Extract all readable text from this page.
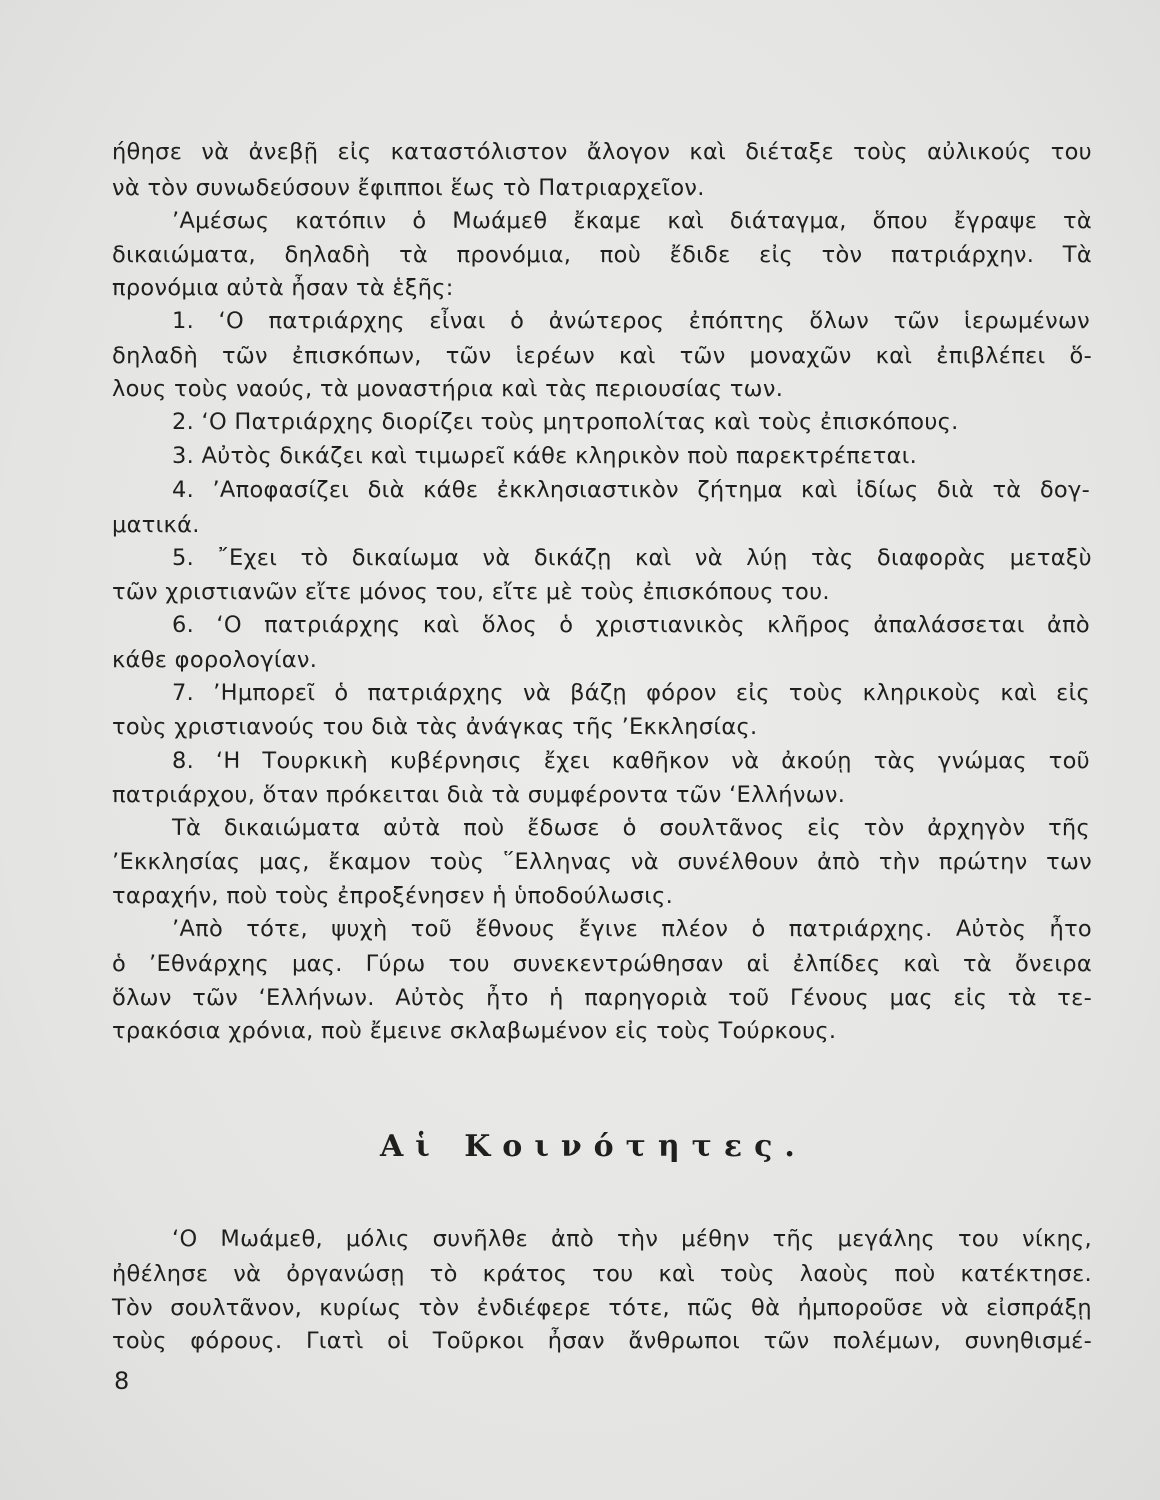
ήθησε νὰ ἀνεβῇ εἰς καταστόλιστον ἄλογον καὶ διέταξε τοὺς αὐλικούς του
νὰ τὸν συνωδεύσουν ἔφιπποι ἕως τὸ Πατριαρχεῖον.
’Αμέσως κατόπιν ὁ Μωάμεθ ἔκαμε καὶ διάταγμα, ὅπου ἔγραψε τὰ
δικαιώματα, δηλαδὴ τὰ προνόμια, ποὺ ἔδιδε εἰς τὸν πατριάρχην. Τὰ
προνόμια αὐτὰ ἦσαν τὰ ἑξῆς:
1. ‘Ο πατριάρχης εἶναι ὁ ἀνώτερος ἐπόπτης ὅλων τῶν ἱερωμένων
δηλαδὴ τῶν ἐπισκόπων, τῶν ἱερέων καὶ τῶν μοναχῶν καὶ ἐπιβλέπει ὅ-
λους τοὺς ναούς, τὰ μοναστήρια καὶ τὰς περιουσίας των.
2. ‘Ο Πατριάρχης διορίζει τοὺς μητροπολίτας καὶ τοὺς ἐπισκόπους.
3. Αὐτὸς δικάζει καὶ τιμωρεῖ κάθε κληρικὸν ποὺ παρεκτρέπεται.
4. ’Αποφασίζει διὰ κάθε ἐκκλησιαστικὸν ζήτημα καὶ ἰδίως διὰ τὰ δογ-
ματικά.
5. ῎Εχει τὸ δικαίωμα νὰ δικάζῃ καὶ νὰ λύῃ τὰς διαφορὰς μεταξὺ
τῶν χριστιανῶν εἴτε μόνος του, εἴτε μὲ τοὺς ἐπισκόπους του.
6. ‘Ο πατριάρχης καὶ ὅλος ὁ χριστιανικὸς κλῆρος ἀπαλάσσεται ἀπὸ
κάθε φορολογίαν.
7. ’Ημπορεῖ ὁ πατριάρχης νὰ βάζῃ φόρον εἰς τοὺς κληρικοὺς καὶ εἰς
τοὺς χριστιανούς του διὰ τὰς ἀνάγκας τῆς ’Εκκλησίας.
8. ‘Η Τουρκικὴ κυβέρνησις ἔχει καθῆκον νὰ ἀκούῃ τὰς γνώμας τοῦ
πατριάρχου, ὅταν πρόκειται διὰ τὰ συμφέροντα τῶν ‘Ελλήνων.
Τὰ δικαιώματα αὐτὰ ποὺ ἔδωσε ὁ σουλτᾶνος εἰς τὸν ἀρχηγὸν τῆς
’Εκκλησίας μας, ἔκαμον τοὺς ῞Ελληνας νὰ συνέλθουν ἀπὸ τὴν πρώτην των
ταραχήν, ποὺ τοὺς ἐπροξένησεν ἡ ὑποδούλωσις.
’Απὸ τότε, ψυχὴ τοῦ ἔθνους ἔγινε πλέον ὁ πατριάρχης. Αὐτὸς ἦτο
ὁ ’Εθνάρχης μας. Γύρω του συνεκεντρώθησαν αἱ ἐλπίδες καὶ τὰ ὄνειρα
ὅλων τῶν ‘Ελλήνων. Αὐτὸς ἦτο ἡ παρηγοριὰ τοῦ Γένους μας εἰς τὰ τε-
τρακόσια χρόνια, ποὺ ἔμεινε σκλαβωμένον εἰς τοὺς Τούρκους.
Αἱ Κοινότητες.
‘Ο Μωάμεθ, μόλις συνῆλθε ἀπὸ τὴν μέθην τῆς μεγάλης του νίκης,
ἠθέλησε νὰ ὀργανώσῃ τὸ κράτος του καὶ τοὺς λαοὺς ποὺ κατέκτησε.
Τὸν σουλτᾶνον, κυρίως τὸν ἐνδιέφερε τότε, πῶς θὰ ἠμποροῦσε νὰ εἰσπράξῃ
τοὺς φόρους. Γιατὶ οἱ Τοῦρκοι ἦσαν ἄνθρωποι τῶν πολέμων, συνηθισμέ-
8
